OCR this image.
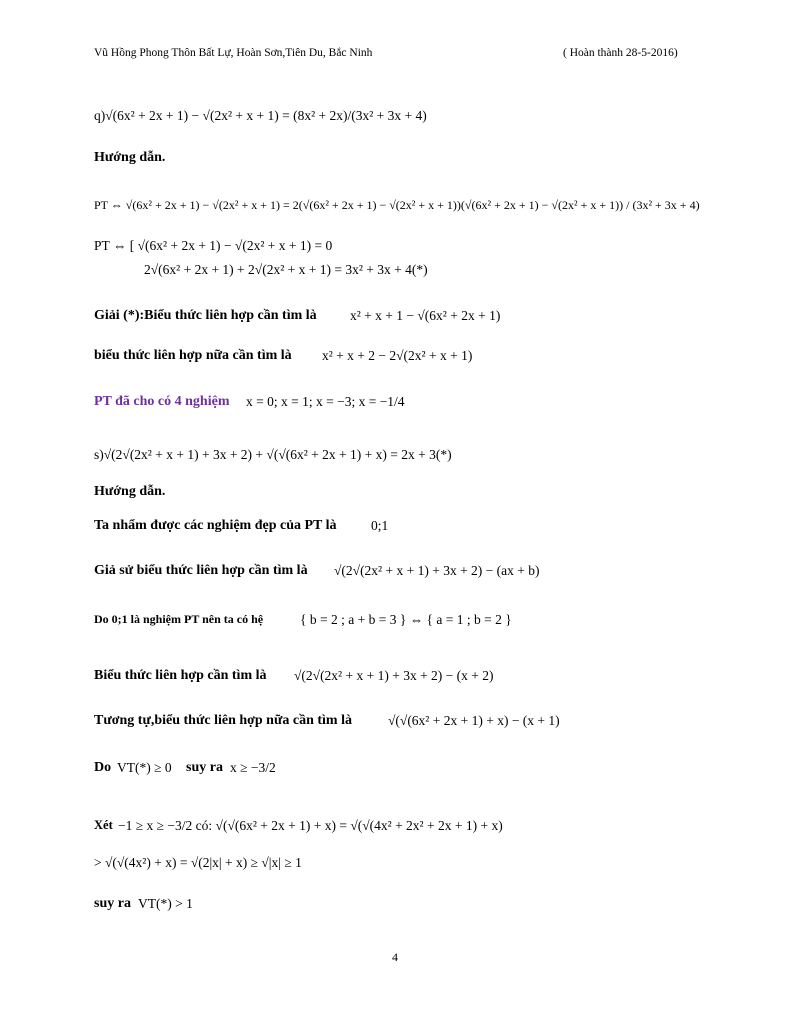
Vũ Hồng Phong Thôn Bất Lự, Hoàn Sơn,Tiên Du, Bắc Ninh	( Hoàn thành 28-5-2016)
q)√(6x² + 2x + 1) − √(2x² + x + 1) = (8x² + 2x)/(3x² + 3x + 4)
Hướng dẫn.
PT ⇔ √(6x² + 2x + 1) − √(2x² + x + 1) = 2(√(6x² + 2x + 1) − √(2x² + x + 1))(√(6x² + 2x + 1) − √(2x² + x + 1)) / (3x² + 3x + 4)
PT ⇔ [ √(6x² + 2x + 1) − √(2x² + x + 1) = 0
2√(6x² + 2x + 1) + 2√(2x² + x + 1) = 3x² + 3x + 4(*)
Giải (*):Biểu thức liên hợp cần tìm là x² + x + 1 − √(6x² + 2x + 1)
biểu thức liên hợp nữa cần tìm là x² + x + 2 − 2√(2x² + x + 1)
PT đã cho có 4 nghiệm x = 0; x = 1; x = −3; x = −1/4
s)√(2√(2x² + x + 1) + 3x + 2) + √(√(6x² + 2x + 1) + x) = 2x + 3(*)
Hướng dẫn.
Ta nhẩm được các nghiệm đẹp của PT là	0;1
Giả sử biểu thức liên hợp cần tìm là √(2√(2x² + x + 1) + 3x + 2) − (ax + b)
Do 0;1 là nghiệm PT nên ta có hệ	{ b = 2 ; a + b = 3 } ⇔ { a = 1 ; b = 2 }
Biểu thức liên hợp cần tìm là √(2√(2x² + x + 1) + 3x + 2) − (x + 2)
Tương tự,biểu thức liên hợp nữa cần tìm là	√(√(6x² + 2x + 1) + x) − (x + 1)
Do VT(*) ≥ 0 suy ra x ≥ −3/2
Xét −1 ≥ x ≥ −3/2 có: √(√(6x² + 2x + 1) + x) = √(√(4x² + 2x² + 2x + 1) + x)
> √(√(4x²) + x) = √(2|x| + x) ≥ √|x| ≥ 1
suy ra VT(*) > 1
4
